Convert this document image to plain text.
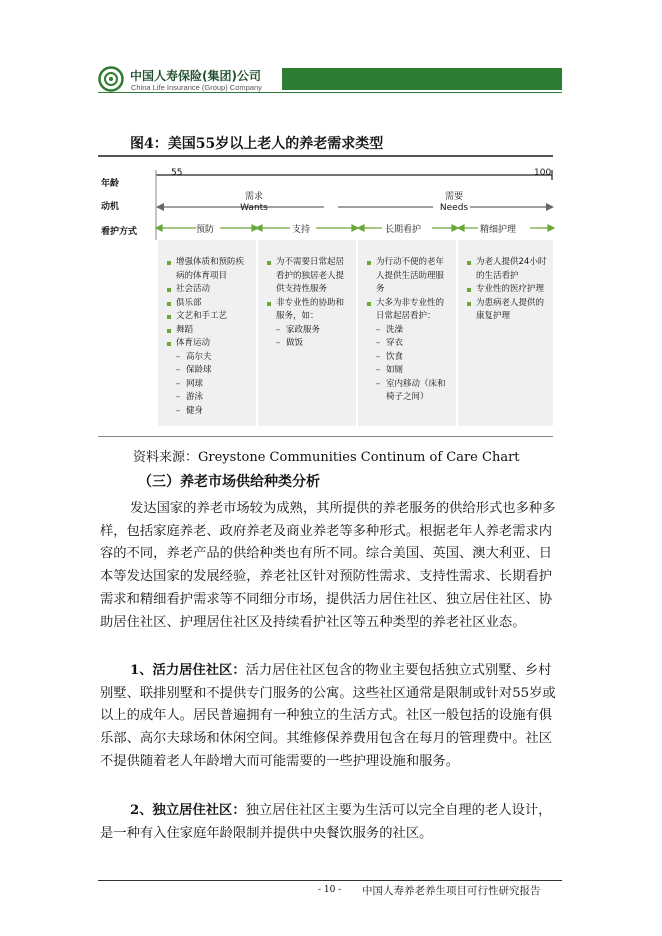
中国人寿保险(集团)公司
China Life Insurance (Group) Company
图4：美国55岁以上老人的养老需求类型
年龄
动机
看护方式
55	100
需求
Wants
需要
Needs
预防	支持	长期看护	精细护理
增强体质和预防疾病的体育项目
社会活动
俱乐部
文艺和手工艺
舞蹈
体育运动
– 高尔夫
– 保龄球
– 网球
– 游泳
– 健身
为不需要日常起居看护的独居老人提供支持性服务
非专业性的协助和服务，如：
– 家政服务
– 做饭
为行动不便的老年人提供生活助理服务
大多为非专业性的日常起居看护：
– 洗澡
– 穿衣
– 饮食
– 如厕
– 室内移动（床和椅子之间）
为老人提供24小时的生活看护
专业性的医疗护理
为患病老人提供的康复护理
资料来源：Greystone Communities Continum of Care Chart
（三）养老市场供给种类分析

发达国家的养老市场较为成熟，其所提供的养老服务的供给形式也多种多样，包括家庭养老、政府养老及商业养老等多种形式。根据老年人养老需求内容的不同，养老产品的供给种类也有所不同。综合美国、英国、澳大利亚、日本等发达国家的发展经验，养老社区针对预防性需求、支持性需求、长期看护需求和精细看护需求等不同细分市场，提供活力居住社区、独立居住社区、协助居住社区、护理居住社区及持续看护社区等五种类型的养老社区业态。

1、活力居住社区：活力居住社区包含的物业主要包括独立式别墅、乡村别墅、联排别墅和不提供专门服务的公寓。这些社区通常是限制或针对55岁或以上的成年人。居民普遍拥有一种独立的生活方式。社区一般包括的设施有俱乐部、高尔夫球场和休闲空间。其维修保养费用包含在每月的管理费中。社区不提供随着老人年龄增大而可能需要的一些护理设施和服务。

2、独立居住社区：独立居住社区主要为生活可以完全自理的老人设计，是一种有入住家庭年龄限制并提供中央餐饮服务的社区。

- 10 - 中国人寿养老养生项目可行性研究报告
